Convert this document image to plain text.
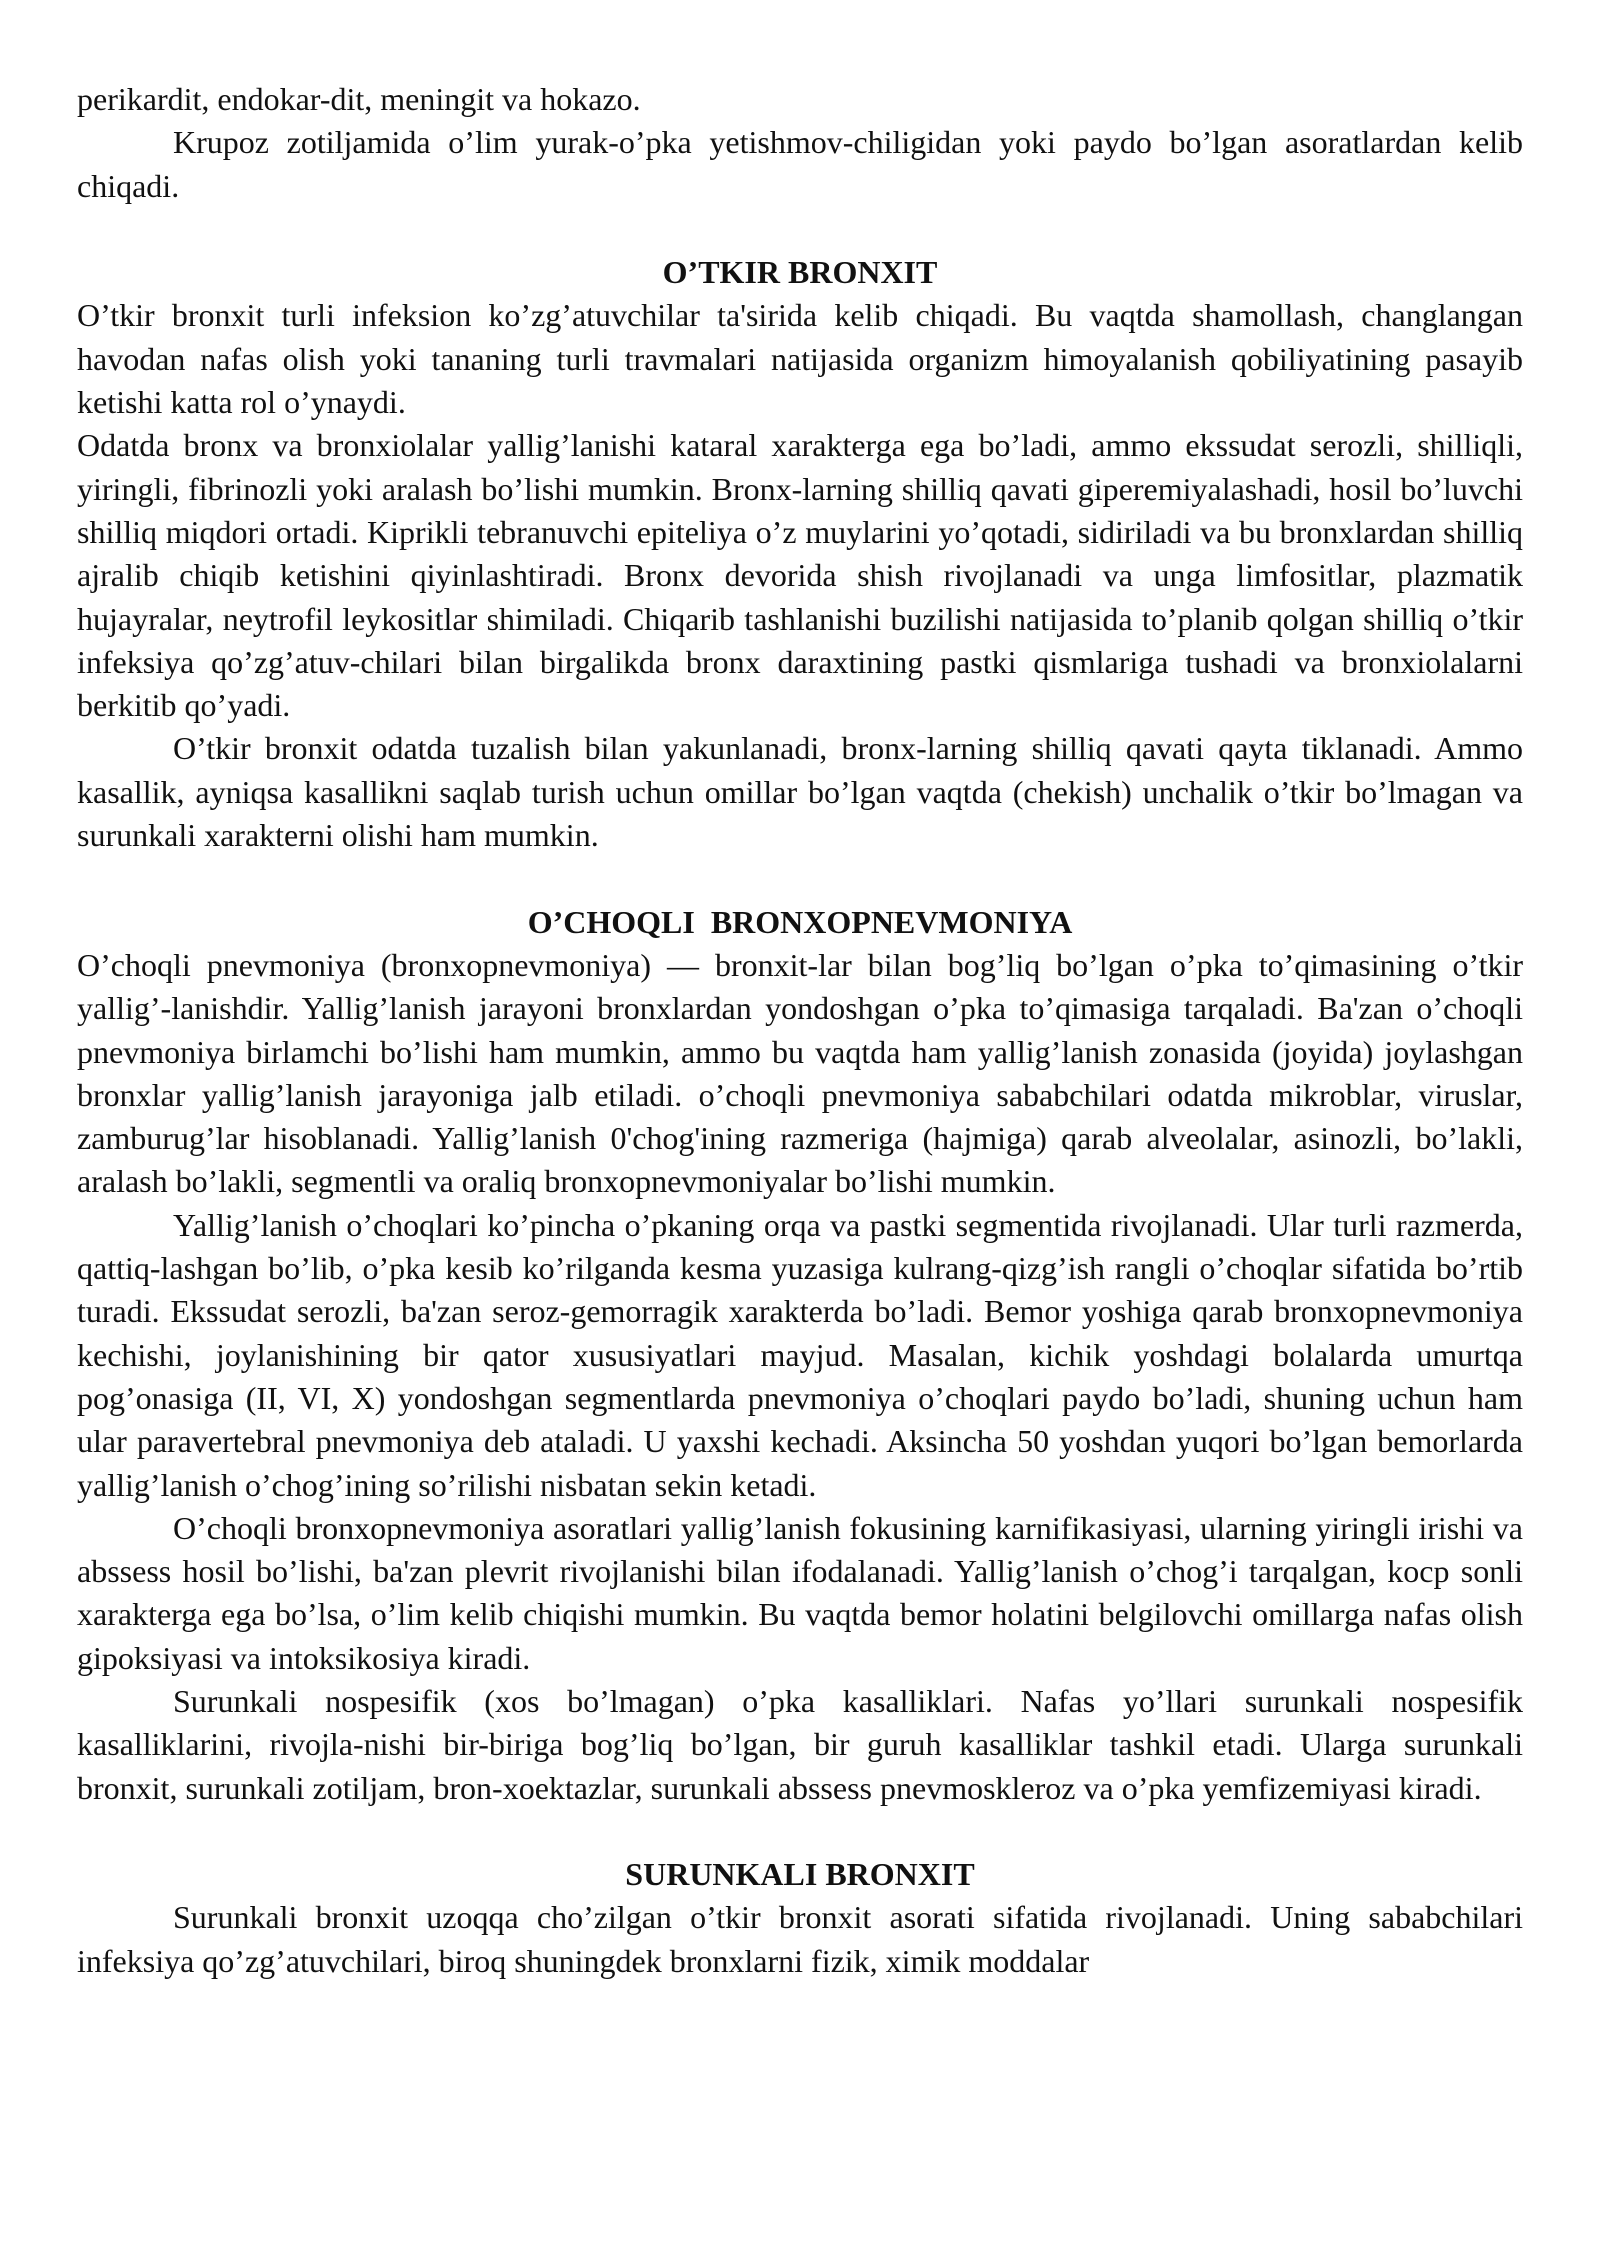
perikardit, endokar-dit, meningit va hokazo.

Krupoz zotiljamida o’lim yurak-o’pka yetishmov-chiligidan yoki paydo bo’lgan asoratlardan kelib chiqadi.

O’TKIR BRONXIT

O’tkir bronxit turli infeksion ko’zg’atuvchilar ta'sirida kelib chiqadi. Bu vaqtda shamollash, changlangan havodan nafas olish yoki tananing turli travmalari natijasida organizm himoyalanish qobiliyatining pasayib ketishi katta rol o’ynaydi.

Odatda bronx va bronxiolalar yallig’lanishi kataral xarakterga ega bo’ladi, ammo ekssudat serozli, shilliqli, yiringli, fibrinozli yoki aralash bo’lishi mumkin. Bronx-larning shilliq qavati giperemiyalashadi, hosil bo’luvchi shilliq miqdori ortadi. Kiprikli tebranuvchi epiteliya o’z muylarini yo’qotadi, sidiriladi va bu bronxlardan shilliq ajralib chiqib ketishini qiyinlashtiradi. Bronx devorida shish rivojlanadi va unga limfositlar, plazmatik hujayralar, neytrofil leykositlar shimiladi. Chiqarib tashlanishi buzilishi natijasida to’planib qolgan shilliq o’tkir infeksiya qo’zg’atuv-chilari bilan birgalikda bronx daraxtining pastki qismlariga tushadi va bronxiolalarni berkitib qo’yadi.

O’tkir bronxit odatda tuzalish bilan yakunlanadi, bronx-larning shilliq qavati qayta tiklanadi. Ammo kasallik, ayniqsa kasallikni saqlab turish uchun omillar bo’lgan vaqtda (chekish) unchalik o’tkir bo’lmagan va surunkali xarakterni olishi ham mumkin.

O’CHOQLI  BRONXOPNEVMONIYA

O’choqli pnevmoniya (bronxopnevmoniya) — bronxit-lar bilan bog’liq bo’lgan o’pka to’qimasining o’tkir yallig’-lanishdir. Yallig’lanish jarayoni bronxlardan yondoshgan o’pka to’qimasiga tarqaladi. Ba'zan o’choqli pnevmoniya birlamchi bo’lishi ham mumkin, ammo bu vaqtda ham yallig’lanish zonasida (joyida) joylashgan bronxlar yallig’lanish jarayoniga jalb etiladi. o’choqli pnevmoniya sababchilari odatda mikroblar, viruslar, zamburug’lar hisoblanadi. Yallig’lanish 0'chog'ining razmeriga (hajmiga) qarab alveolalar, asinozli, bo’lakli, aralash bo’lakli, segmentli va oraliq bronxopnevmoniyalar bo’lishi mumkin.

Yallig’lanish o’choqlari ko’pincha o’pkaning orqa va pastki segmentida rivojlanadi. Ular turli razmerda, qattiq-lashgan bo’lib, o’pka kesib ko’rilganda kesma yuzasiga kulrang-qizg’ish rangli o’choqlar sifatida bo’rtib turadi. Ekssudat serozli, ba'zan seroz-gemorragik xarakterda bo’ladi. Bemor yoshiga qarab bronxopnevmoniya kechishi, joylanishining bir qator xususiyatlari mayjud. Masalan, kichik yoshdagi bolalarda umurtqa pog’onasiga (II, VI, X) yondoshgan segmentlarda pnevmoniya o’choqlari paydo bo’ladi, shuning uchun ham ular paravertebral pnevmoniya deb ataladi. U yaxshi kechadi. Aksincha 50 yoshdan yuqori bo’lgan bemorlarda yallig’lanish o’chog’ining so’rilishi nisbatan sekin ketadi.

O’choqli bronxopnevmoniya asoratlari yallig’lanish fokusining karnifikasiyasi, ularning yiringli irishi va abssess hosil bo’lishi, ba'zan plevrit rivojlanishi bilan ifodalanadi. Yallig’lanish o’chog’i tarqalgan, kocp sonli xarakterga ega bo’lsa, o’lim kelib chiqishi mumkin. Bu vaqtda bemor holatini belgilovchi omillarga nafas olish gipoksiyasi va intoksikosiya kiradi.

Surunkali nospesifik (xos bo’lmagan) o’pka kasalliklari. Nafas yo’llari surunkali nospesifik kasalliklarini, rivojla-nishi bir-biriga bog’liq bo’lgan, bir guruh kasalliklar tashkil etadi. Ularga surunkali bronxit, surunkali zotiljam, bron-xoektazlar, surunkali abssess pnevmoskleroz va o’pka yemfizemiyasi kiradi.

SURUNKALI BRONXIT

Surunkali bronxit uzoqqa cho’zilgan o’tkir bronxit asorati sifatida rivojlanadi. Uning sababchilari infeksiya qo’zg’atuvchilari, biroq shuningdek bronxlarni fizik, ximik moddalar
